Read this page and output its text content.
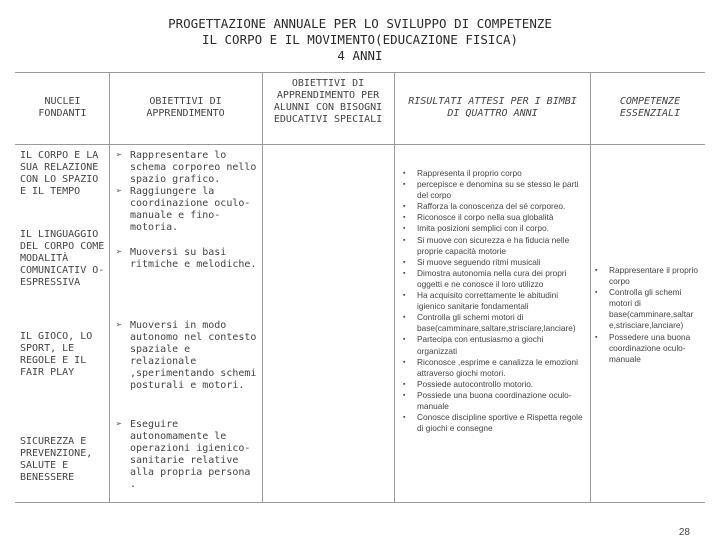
PROGETTAZIONE ANNUALE PER LO SVILUPPO DI COMPETENZE
IL CORPO E IL MOVIMENTO(EDUCAZIONE FISICA)
4 ANNI
NUCLEI FONDANTI
OBIETTIVI DI APPRENDIMENTO
OBIETTIVI DI APPRENDIMENTO PER ALUNNI CON BISOGNI EDUCATIVI SPECIALI
RISULTATI ATTESI PER I BIMBI DI QUATTRO ANNI
COMPETENZE ESSENZIALI
IL CORPO E LA SUA RELAZIONE CON LO SPAZIO E IL TEMPO
IL LINGUAGGIO DEL CORPO COME MODALITÀ COMUNICATIV O-ESPRESSIVA
IL GIOCO, LO SPORT, LE REGOLE E IL FAIR PLAY
SICUREZZA E PREVENZIONE, SALUTE E BENESSERE
➢ Rappresentare lo schema corporeo nello spazio grafico.
➢ Raggiungere la coordinazione oculo-manuale e fino-motoria.
➢ Muoversi su basi ritmiche e melodiche.
➢ Muoversi in modo autonomo nel contesto spaziale e relazionale ,sperimentando schemi posturali e motori.
➢ Eseguire autonomamente le operazioni igienico-sanitarie relative alla propria persona .
▪ Rappresenta il proprio corpo
▪ percepisce e denomina su se stesso le parti del corpo
▪ Rafforza la conoscenza del sé corporeo.
▪ Riconosce il corpo nella sua globalità
▪ Imita posizioni semplici con il corpo.
▪ Si muove con sicurezza e ha fiducia nelle proprie capacità motorie
▪ Si muove seguendo ritmi musicali
▪ Dimostra autonomia nella cura dei propri oggetti e ne conosce il loro utilizzo
▪ Ha acquisito correttamente le abitudini igienico sanitarie fondamentali
▪ Controlla gli schemi motori di base(camminare,saltare,strisciare,lanciare)
▪ Partecipa con entusiasmo a giochi organizzati
▪ Riconosce ,esprime e canalizza le emozioni attraverso giochi motori.
▪ Possiede autocontrollo motorio.
▪ Possiede una buona coordinazione oculo-manuale
▪ Conosce discipline sportive e Rispetta regole di giochi e consegne
▪ Rappresentare il proprio corpo
▪ Controlla gli schemi motori di base(camminare,saltar e,strisciare,lanciare)
▪ Possedere una buona coordinazione oculo-manuale
28
